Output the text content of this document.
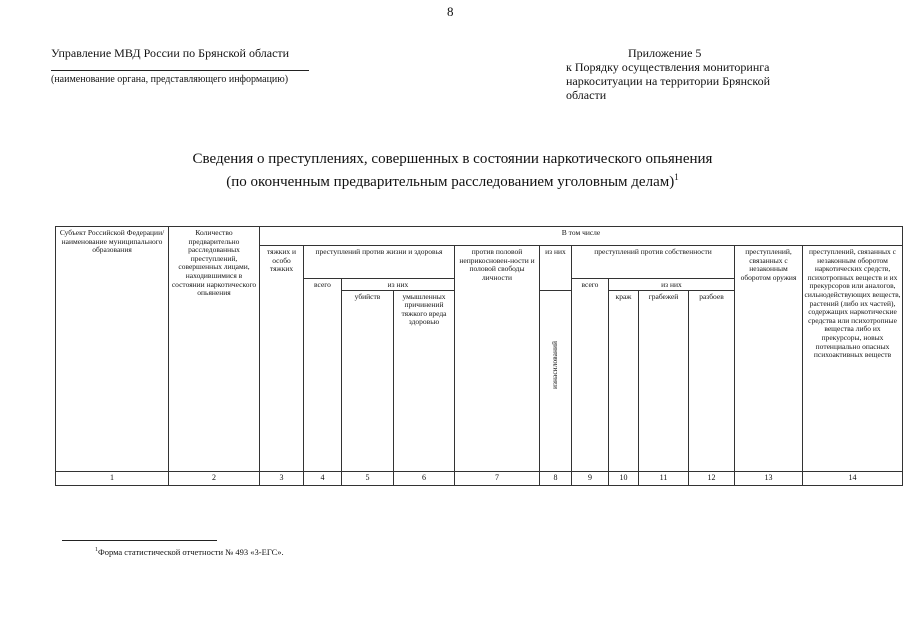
8
Управление МВД России по Брянской области
(наименование органа, представляющего информацию)
Приложение 5
к Порядку осуществления мониторинга наркоситуации на территории Брянской области
Сведения о преступлениях, совершенных в состоянии наркотического опьянения
(по оконченным предварительным расследованием уголовным делам)$^1$
Субъект Российской Федерации/ наименование муниципального образования	Количество предварительно расследованных преступлений, совершенных лицами, находившимися в состоянии наркотического опьянения	В том числе											
		тяжких и особо тяжких	преступлений против жизни и здоровья			против половой неприкосновен-ности и половой свободы личности	из них	преступлений против собственности				преступлений, связанных с незаконным оборотом оружия	преступлений, связанных с незаконным оборотом наркотических средств, психотропных веществ и их прекурсоров или аналогов, сильнодействующих веществ, растений (либо их частей), содержащих наркотические средства или психотропные вещества либо их прекурсоры, новых потенциально опасных психоактивных веществ
			всего	из них				всего	из них				
				убийств	умышленных причинений тяжкого вреда здоровью		изнасилований		краж	грабежей	разбоев		
1	2	3	4	5	6	7	8	9	10	11	12	13	14
$^1$Форма статистической отчетности № 493 «3-ЕГС».
